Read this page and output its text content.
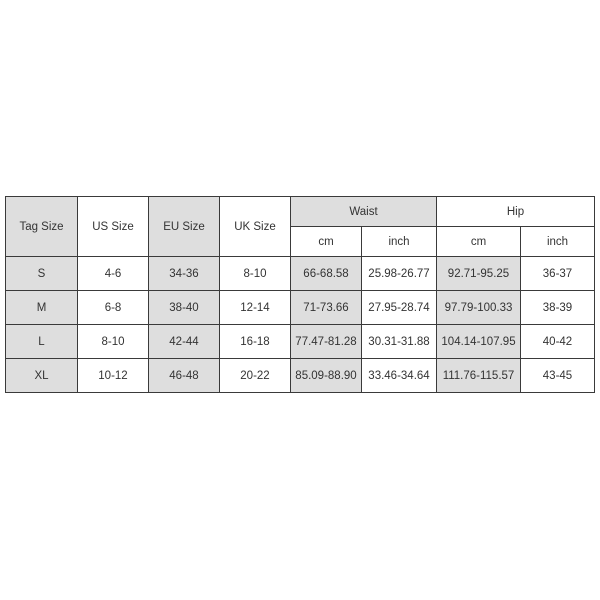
Tag Size	US Size	EU Size	UK Size	Waist		Hip	
				cm	inch	cm	inch
S	4-6	34-36	8-10	66-68.58	25.98-26.77	92.71-95.25	36-37
M	6-8	38-40	12-14	71-73.66	27.95-28.74	97.79-100.33	38-39
L	8-10	42-44	16-18	77.47-81.28	30.31-31.88	104.14-107.95	40-42
XL	10-12	46-48	20-22	85.09-88.90	33.46-34.64	111.76-115.57	43-45
